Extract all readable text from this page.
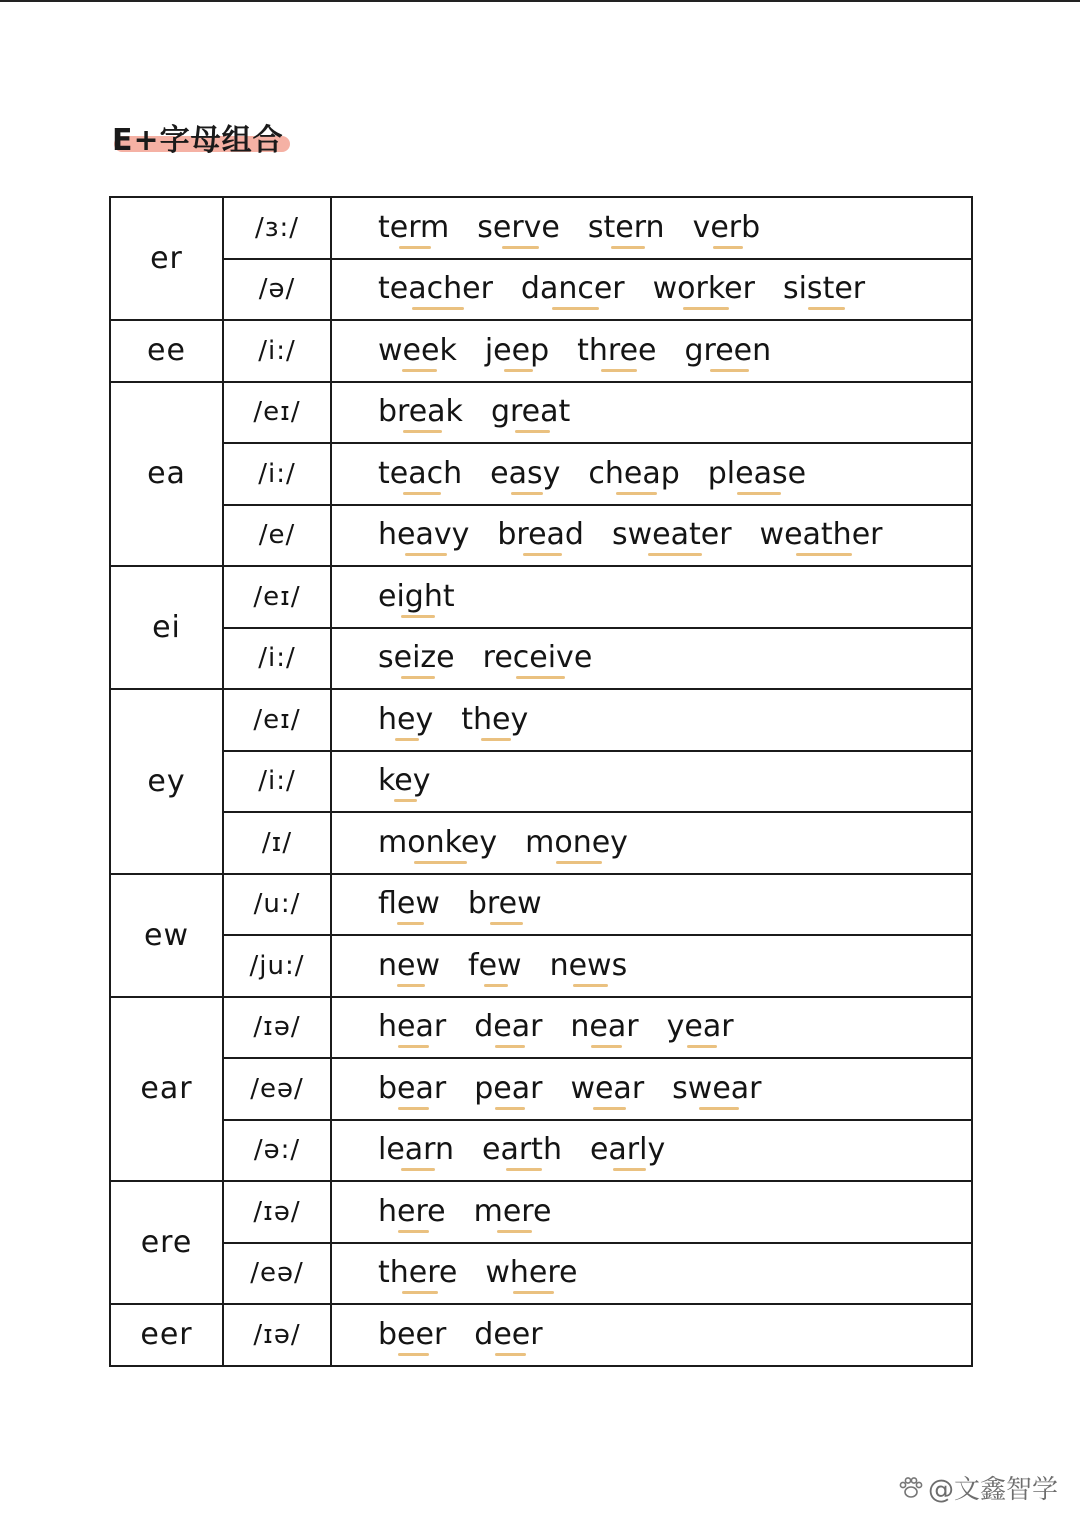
E+字母组合
er	/ɜ:/	term serve stern verb
	/ə/	teacher dancer worker sister
ee	/i:/	week jeep three green
ea	/eɪ/	break great
	/i:/	teach easy cheap please
	/e/	heavy bread sweater weather
ei	/eɪ/	eight
	/i:/	seize receive
ey	/eɪ/	hey they
	/i:/	key
	/ɪ/	monkey money
ew	/u:/	flew brew
	/ju:/	new few news
ear	/ɪə/	hear dear near year
	/eə/	bear pear wear swear
	/ə:/	learn earth early
ere	/ɪə/	here mere
	/eə/	there where
eer	/ɪə/	beer deer
@文鑫智学
